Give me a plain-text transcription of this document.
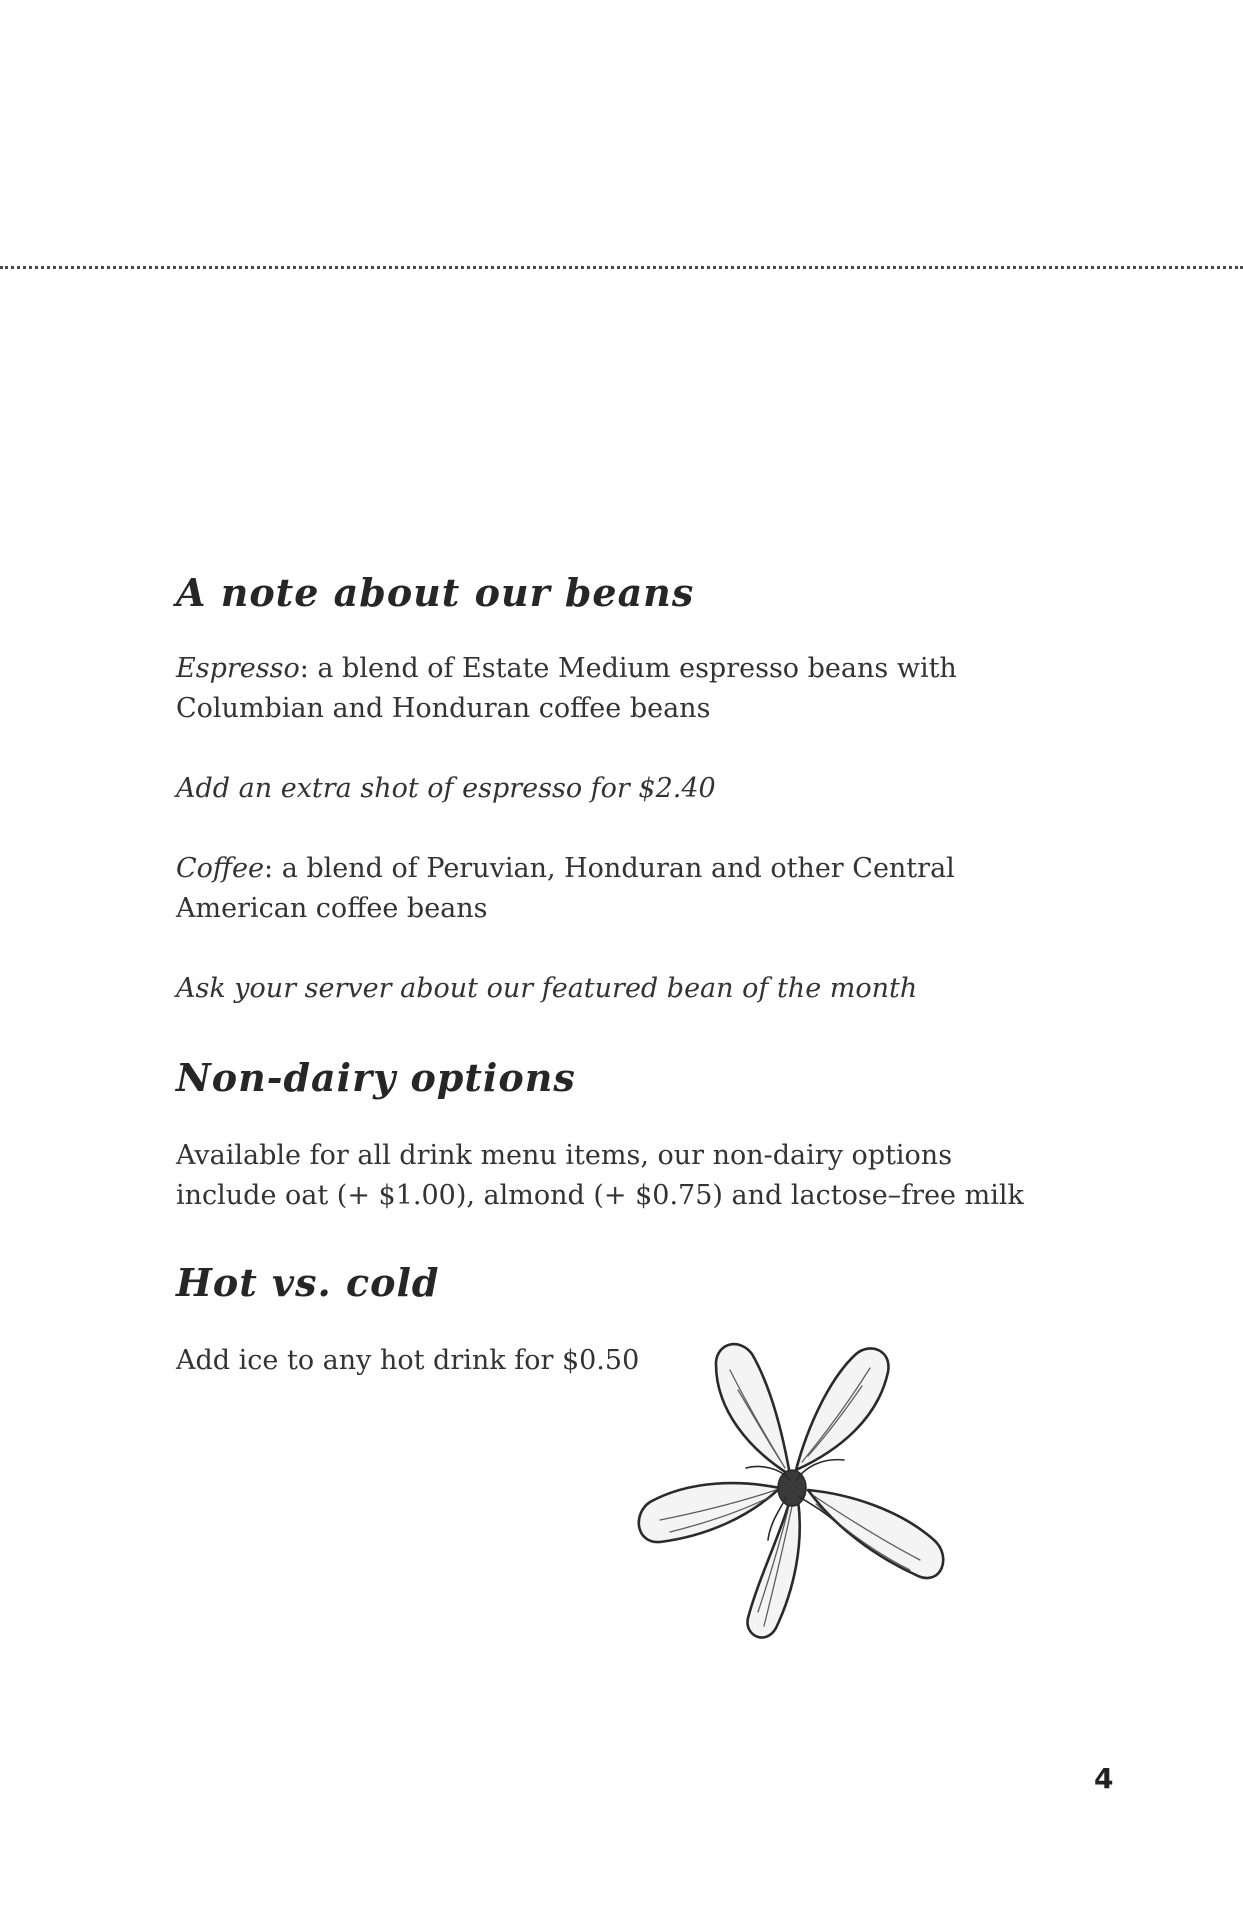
A note about our beans

Espresso: a blend of Estate Medium espresso beans with

Columbian and Honduran coffee beans

Add an extra shot of espresso for $2.40

Coffee: a blend of Peruvian, Honduran and other Central

American coffee beans

Ask your server about our featured bean of the month

Non-dairy options

Available for all drink menu items, our non-dairy options

include oat (+ $1.00), almond (+ $0.75) and lactose–free milk

Hot vs. cold

Add ice to any hot drink for $0.50

4
